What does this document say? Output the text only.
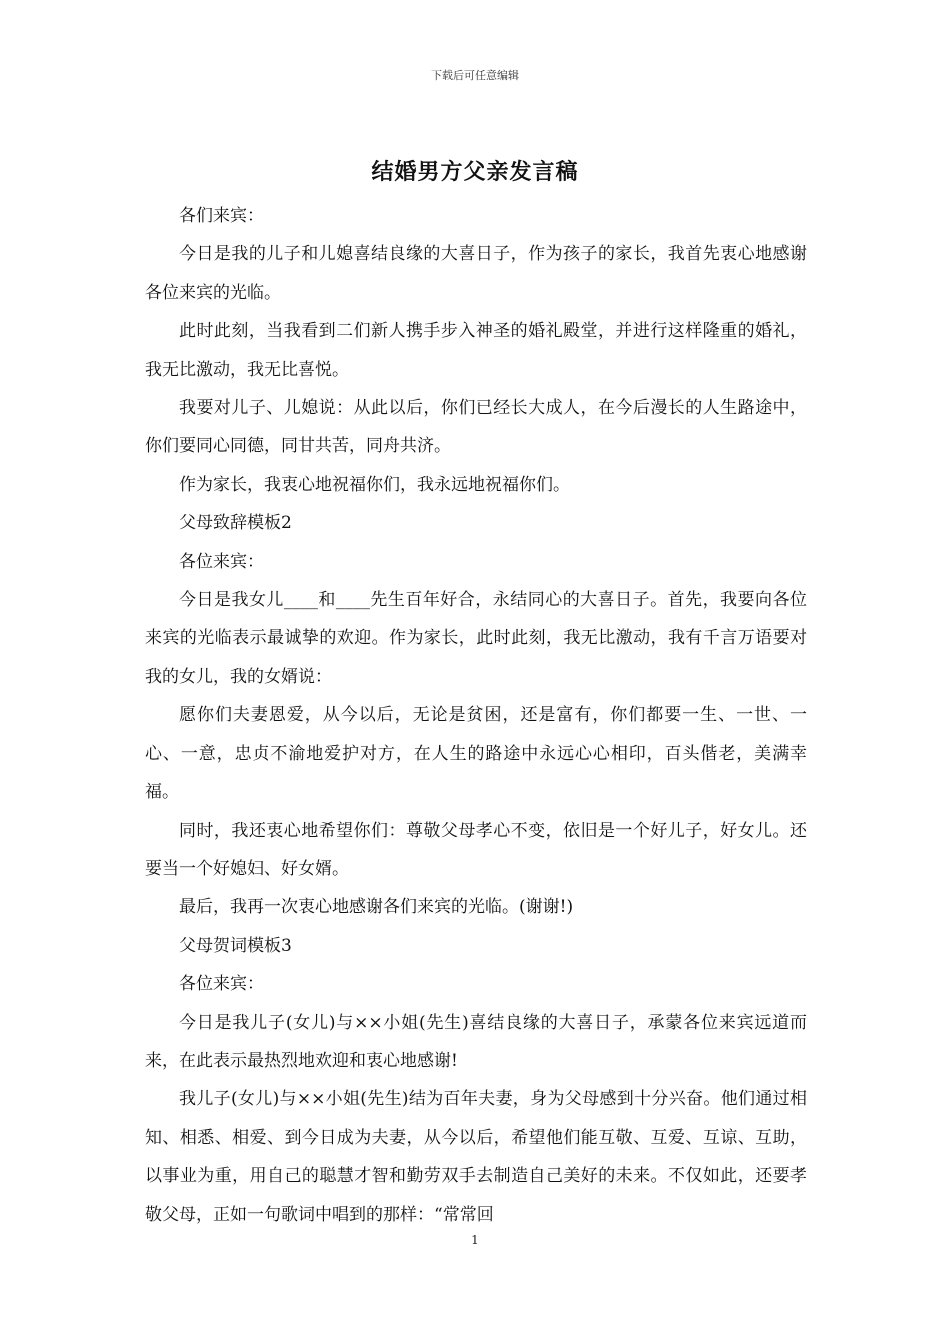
下载后可任意编辑
结婚男方父亲发言稿

各们来宾：

今日是我的儿子和儿媳喜结良缘的大喜日子，作为孩子的家长，我首先衷心地感谢各位来宾的光临。

此时此刻，当我看到二们新人携手步入神圣的婚礼殿堂，并进行这样隆重的婚礼，我无比激动，我无比喜悦。

我要对儿子、儿媳说：从此以后，你们已经长大成人，在今后漫长的人生路途中，你们要同心同德，同甘共苦，同舟共济。

作为家长，我衷心地祝福你们，我永远地祝福你们。

父母致辞模板2

各位来宾：

今日是我女儿____和____先生百年好合，永结同心的大喜日子。首先，我要向各位来宾的光临表示最诚挚的欢迎。作为家长，此时此刻，我无比激动，我有千言万语要对我的女儿，我的女婿说：

愿你们夫妻恩爱，从今以后，无论是贫困，还是富有，你们都要一生、一世、一心、一意，忠贞不渝地爱护对方，在人生的路途中永远心心相印，百头偕老，美满幸福。

同时，我还衷心地希望你们：尊敬父母孝心不变，依旧是一个好儿子，好女儿。还要当一个好媳妇、好女婿。

最后，我再一次衷心地感谢各们来宾的光临。(谢谢!)

父母贺词模板3

各位来宾：

今日是我儿子(女儿)与××小姐(先生)喜结良缘的大喜日子，承蒙各位来宾远道而来，在此表示最热烈地欢迎和衷心地感谢!

我儿子(女儿)与××小姐(先生)结为百年夫妻，身为父母感到十分兴奋。他们通过相知、相悉、相爱、到今日成为夫妻，从今以后，希望他们能互敬、互爱、互谅、互助，以事业为重，用自己的聪慧才智和勤劳双手去制造自己美好的未来。不仅如此，还要孝敬父母，正如一句歌词中唱到的那样：“常常回

1
